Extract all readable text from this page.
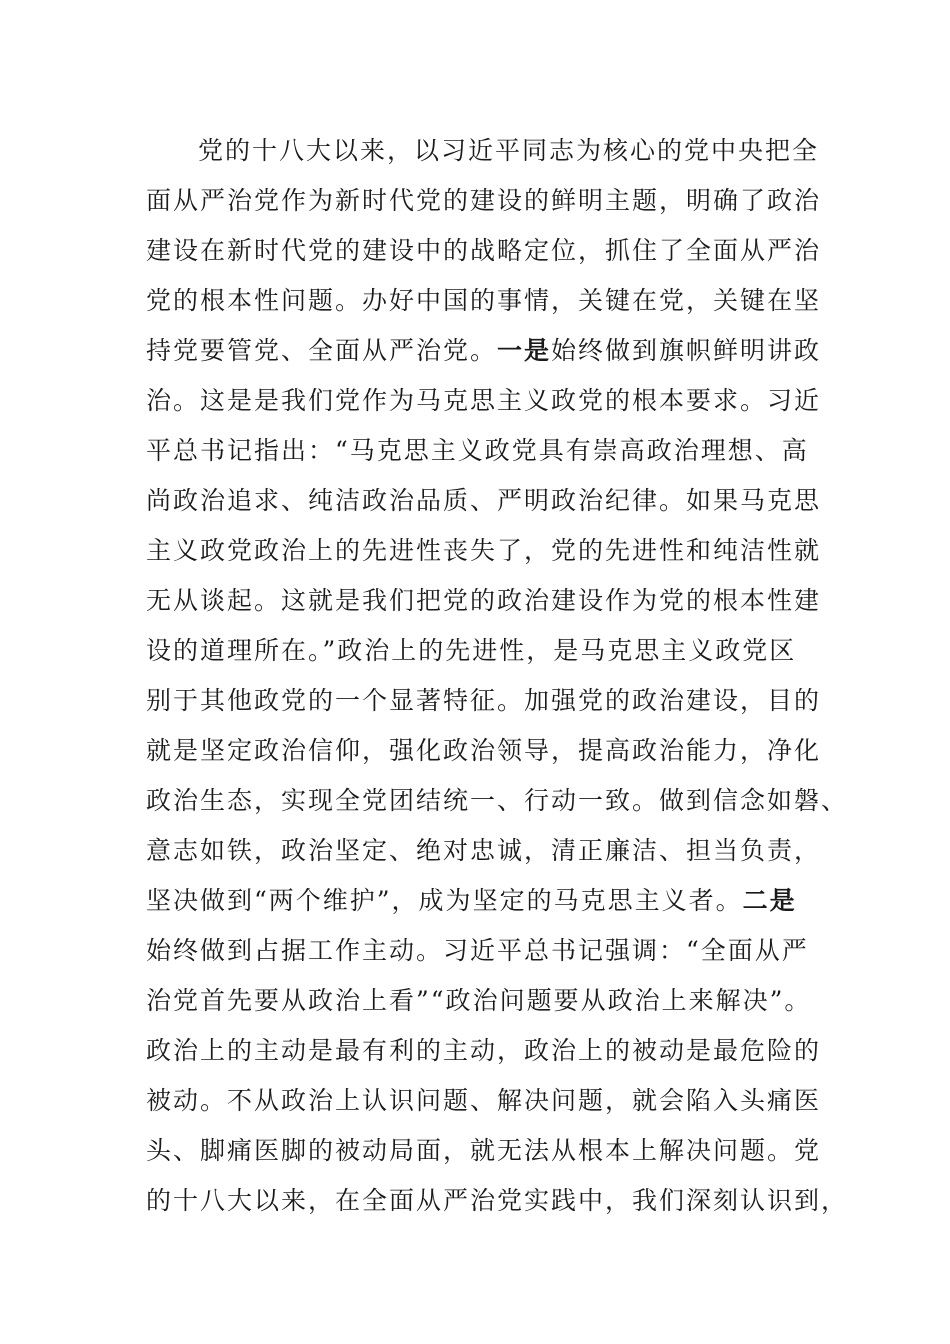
党的十八大以来，以习近平同志为核心的党中央把全
面从严治党作为新时代党的建设的鲜明主题，明确了政治
建设在新时代党的建设中的战略定位，抓住了全面从严治
党的根本性问题。办好中国的事情，关键在党，关键在坚
持党要管党、全面从严治党。一是始终做到旗帜鲜明讲政
治。这是是我们党作为马克思主义政党的根本要求。习近
平总书记指出：“马克思主义政党具有崇高政治理想、高
尚政治追求、纯洁政治品质、严明政治纪律。如果马克思
主义政党政治上的先进性丧失了，党的先进性和纯洁性就
无从谈起。这就是我们把党的政治建设作为党的根本性建
设的道理所在。”政治上的先进性，是马克思主义政党区
别于其他政党的一个显著特征。加强党的政治建设，目的
就是坚定政治信仰，强化政治领导，提高政治能力，净化
政治生态，实现全党团结统一、行动一致。做到信念如磐、
意志如铁，政治坚定、绝对忠诚，清正廉洁、担当负责，
坚决做到“两个维护”，成为坚定的马克思主义者。二是
始终做到占据工作主动。习近平总书记强调：“全面从严
治党首先要从政治上看”“政治问题要从政治上来解决”。
政治上的主动是最有利的主动，政治上的被动是最危险的
被动。不从政治上认识问题、解决问题，就会陷入头痛医
头、脚痛医脚的被动局面，就无法从根本上解决问题。党
的十八大以来，在全面从严治党实践中，我们深刻认识到，
